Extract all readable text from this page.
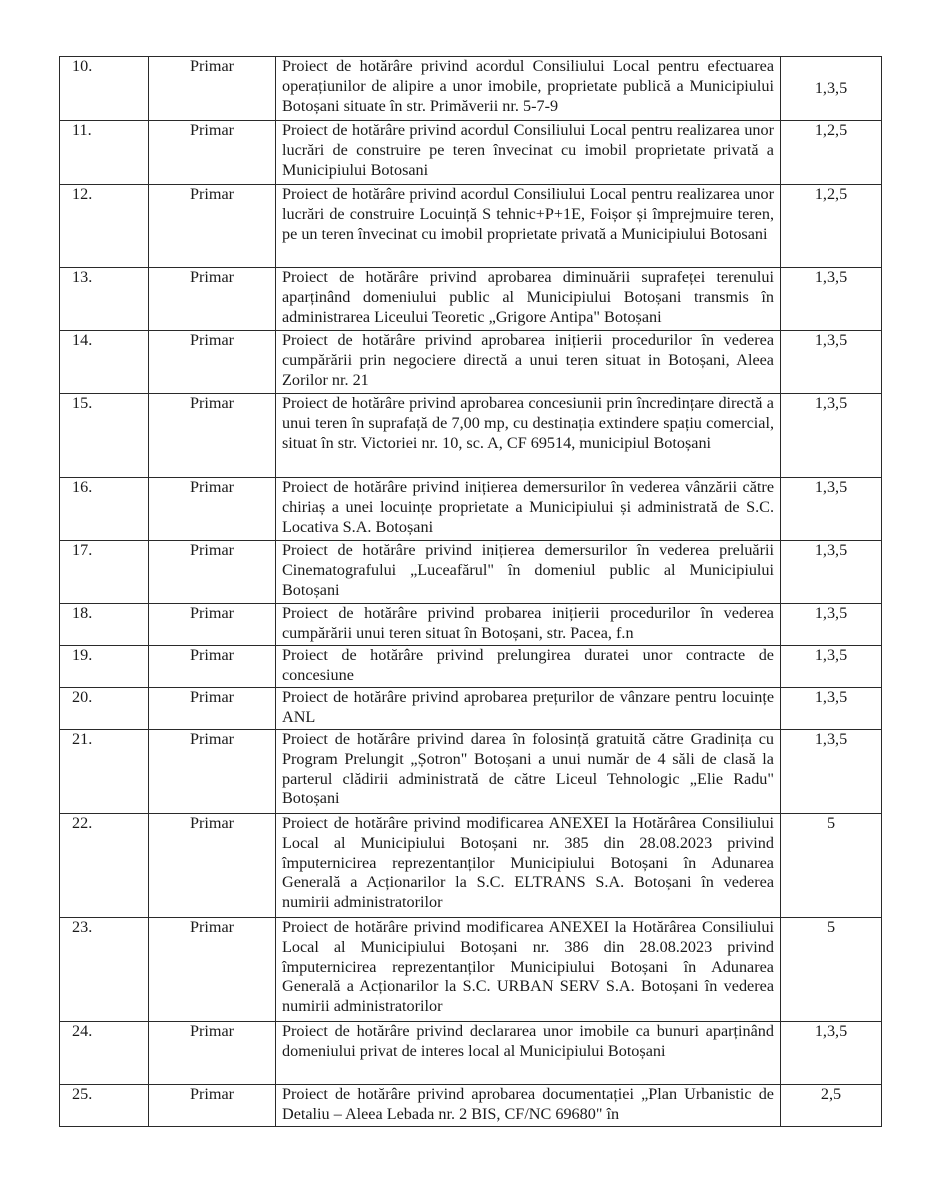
10.	Primar	Proiect de hotărâre privind acordul Consiliului Local pentru efectuarea operațiunilor de alipire a unor imobile, proprietate publică a Municipiului Botoșani situate în str. Primăverii nr. 5-7-9	1,3,5
11.	Primar	Proiect de hotărâre privind acordul Consiliului Local pentru realizarea unor lucrări de construire pe teren învecinat cu imobil proprietate privată a Municipiului Botosani	1,2,5
12.	Primar	Proiect de hotărâre privind acordul Consiliului Local pentru realizarea unor lucrări de construire Locuință S tehnic+P+1E, Foișor și împrejmuire teren, pe un teren învecinat cu imobil proprietate privată a Municipiului Botosani	1,2,5
13.	Primar	Proiect de hotărâre privind aprobarea diminuării suprafeței terenului aparținând domeniului public al Municipiului Botoșani transmis în administrarea Liceului Teoretic „Grigore Antipa" Botoșani	1,3,5
14.	Primar	Proiect de hotărâre privind aprobarea inițierii procedurilor în vederea cumpărării prin negociere directă a unui teren situat in Botoșani, Aleea Zorilor nr. 21	1,3,5
15.	Primar	Proiect de hotărâre privind aprobarea concesiunii prin încredințare directă a unui teren în suprafață de 7,00 mp, cu destinația extindere spațiu comercial, situat în str. Victoriei nr. 10, sc. A, CF 69514, municipiul Botoșani	1,3,5
16.	Primar	Proiect de hotărâre privind inițierea demersurilor în vederea vânzării către chiriaș a unei locuințe proprietate a Municipiului și administrată de S.C. Locativa S.A. Botoșani	1,3,5
17.	Primar	Proiect de hotărâre privind inițierea demersurilor în vederea preluării Cinematografului „Luceafărul" în domeniul public al Municipiului Botoșani	1,3,5
18.	Primar	Proiect de hotărâre privind probarea inițierii procedurilor în vederea cumpărării unui teren situat în Botoșani, str. Pacea, f.n	1,3,5
19.	Primar	Proiect de hotărâre privind prelungirea duratei unor contracte de concesiune	1,3,5
20.	Primar	Proiect de hotărâre privind aprobarea prețurilor de vânzare pentru locuințe ANL	1,3,5
21.	Primar	Proiect de hotărâre privind darea în folosință gratuită către Gradinița cu Program Prelungit „Șotron" Botoșani a unui număr de 4 săli de clasă la parterul clădirii administrată de către Liceul Tehnologic „Elie Radu" Botoșani	1,3,5
22.	Primar	Proiect de hotărâre privind modificarea ANEXEI la Hotărârea Consiliului Local al Municipiului Botoșani nr. 385 din 28.08.2023 privind împuternicirea reprezentanților Municipiului Botoșani în Adunarea Generală a Acționarilor la S.C. ELTRANS S.A. Botoșani în vederea numirii administratorilor	5
23.	Primar	Proiect de hotărâre privind modificarea ANEXEI la Hotărârea Consiliului Local al Municipiului Botoșani nr. 386 din 28.08.2023 privind împuternicirea reprezentanților Municipiului Botoșani în Adunarea Generală a Acționarilor la S.C. URBAN SERV S.A. Botoșani în vederea numirii administratorilor	5
24.	Primar	Proiect de hotărâre privind declararea unor imobile ca bunuri aparținând domeniului privat de interes local al Municipiului Botoșani	1,3,5
25.	Primar	Proiect de hotărâre privind aprobarea documentației „Plan Urbanistic de Detaliu – Aleea Lebada nr. 2 BIS, CF/NC 69680" în	2,5
